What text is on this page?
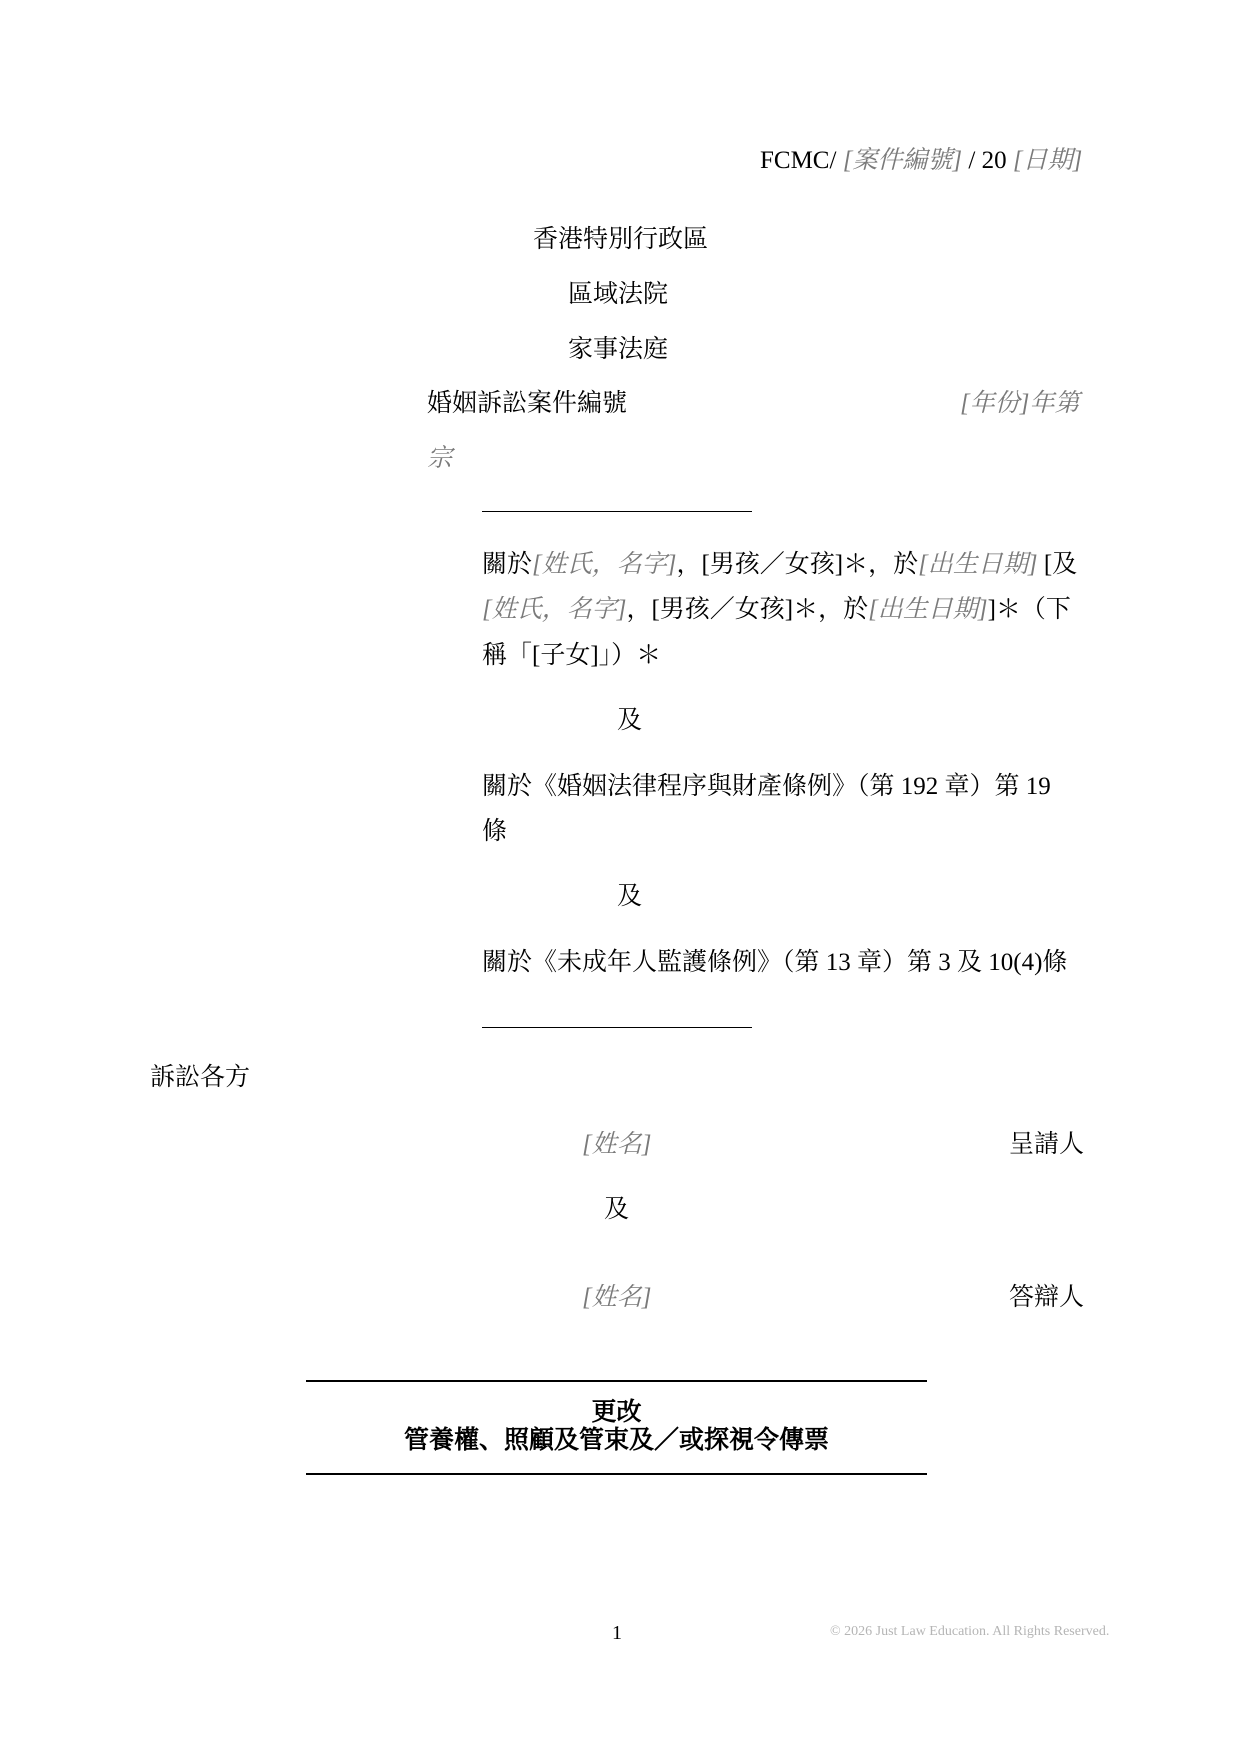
FCMC/ [案件編號] / 20 [日期]
香港特別行政區
區域法院
家事法庭
婚姻訴訟案件編號	[年份]年第
宗
關於[姓氏，名字]，[男孩／女孩]＊，於[出生日期] [及
[姓氏，名字]，[男孩／女孩]＊，於[出生日期]]＊（下
稱「[子女]」）＊
及
關於《婚姻法律程序與財產條例》（第 192 章）第 19
條
及
關於《未成年人監護條例》（第 13 章）第 3 及 10(4)條
訴訟各方
[姓名]	呈請人
及
[姓名]	答辯人
更改
管養權、照顧及管束及／或探視令傳票
1	© 2026 Just Law Education. All Rights Reserved.
